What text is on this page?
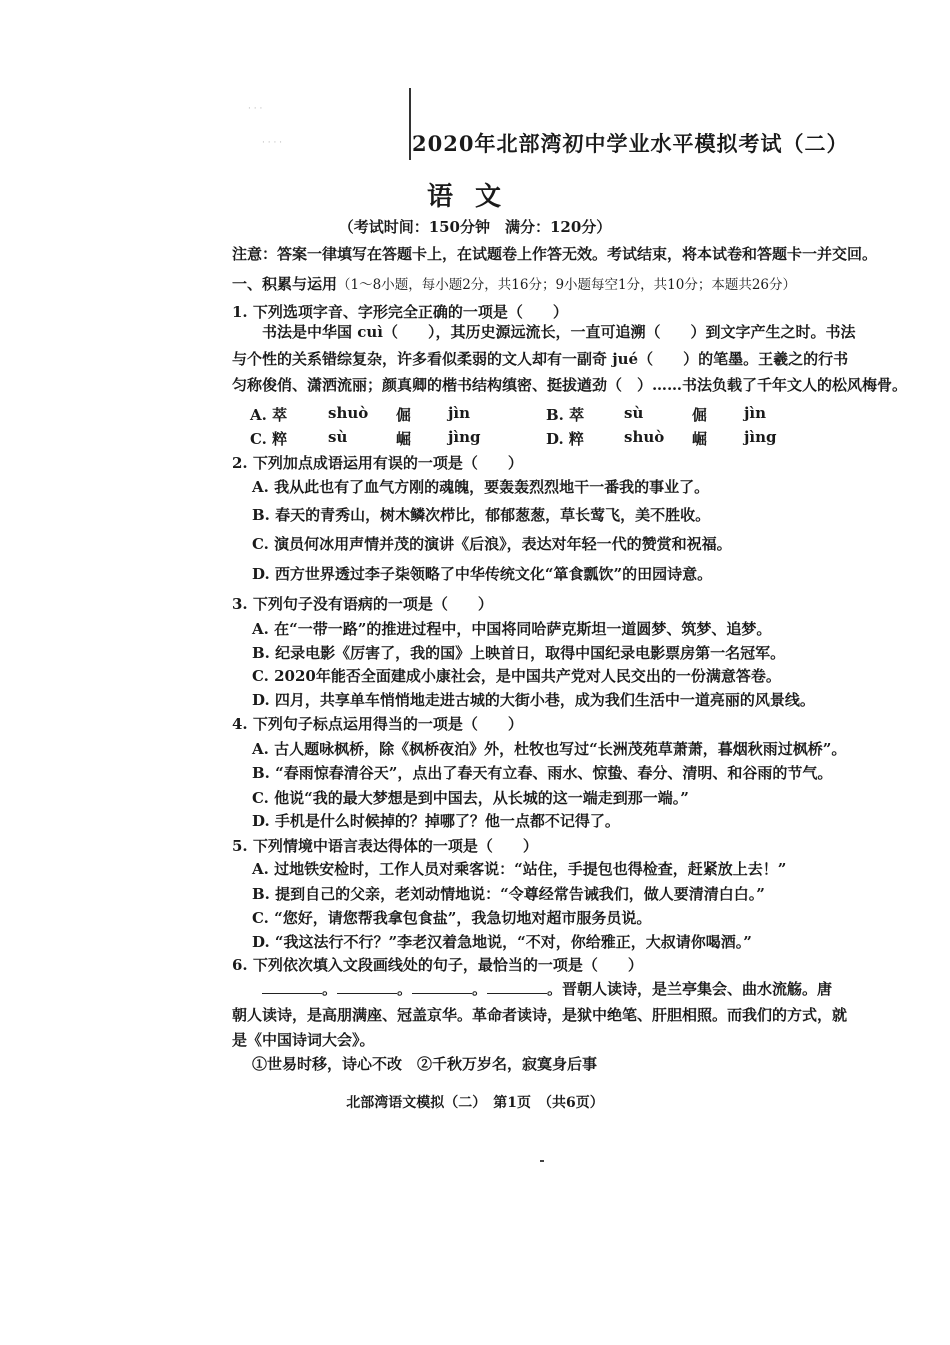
· · ·
· · · ·	2020年北部湾初中学业水平模拟考试（二）
语文
（考试时间：150分钟　满分：120分）
注意：答案一律填写在答题卡上，在试题卷上作答无效。考试结束，将本试卷和答题卡一并交回。
一、积累与运用（1～8小题，每小题2分，共16分；9小题每空1分，共10分；本题共26分）
1. 下列选项字音、字形完全正确的一项是（　　）
书法是中华国 cuì（　　），其历史源远流长，一直可追溯（　　）到文字产生之时。书法
与个性的关系错综复杂，许多看似柔弱的文人却有一副奇 jué（　　）的笔墨。王羲之的行书
匀称俊俏、潇洒流丽；颜真卿的楷书结构缜密、挺拔遒劲（　）……书法负载了千年文人的松风梅骨。
A. 萃	shuò 倔 jìn	B. 萃	sù	倔 jìn
C. 粹	sù	崛 jìng	D. 粹	shuò 崛 jìng
2. 下列加点成语运用有误的一项是（　　）
A. 我从此也有了血气方刚的魂魄，要轰轰烈烈地干一番我的事业了。
B. 春天的青秀山，树木鳞次栉比，郁郁葱葱，草长莺飞，美不胜收。
C. 演员何冰用声情并茂的演讲《后浪》，表达对年轻一代的赞赏和祝福。
D. 西方世界透过李子柒领略了中华传统文化“箪食瓢饮”的田园诗意。
3. 下列句子没有语病的一项是（　　）
A. 在“一带一路”的推进过程中，中国将同哈萨克斯坦一道圆梦、筑梦、追梦。
B. 纪录电影《厉害了，我的国》上映首日，取得中国纪录电影票房第一名冠军。
C. 2020年能否全面建成小康社会，是中国共产党对人民交出的一份满意答卷。
D. 四月，共享单车悄悄地走进古城的大街小巷，成为我们生活中一道亮丽的风景线。
4. 下列句子标点运用得当的一项是（　　）
A. 古人题咏枫桥，除《枫桥夜泊》外，杜牧也写过“长洲茂苑草萧萧，暮烟秋雨过枫桥”。
B. “春雨惊春清谷天”，点出了春天有立春、雨水、惊蛰、春分、清明、和谷雨的节气。
C. 他说“我的最大梦想是到中国去，从长城的这一端走到那一端。”
D. 手机是什么时候掉的？掉哪了？他一点都不记得了。
5. 下列情境中语言表达得体的一项是（　　）
A. 过地铁安检时，工作人员对乘客说：“站住，手提包也得检查，赶紧放上去！”
B. 提到自己的父亲，老刘动情地说：“令尊经常告诫我们，做人要清清白白。”
C. “您好，请您帮我拿包食盐”，我急切地对超市服务员说。
D. “我这法行不行？”李老汉着急地说，“不对，你给雅正，大叔请你喝酒。”
6. 下列依次填入文段画线处的句子，最恰当的一项是（　　）
。	。	。	。晋朝人读诗，是兰亭集会、曲水流觞。唐
朝人读诗，是高朋满座、冠盖京华。革命者读诗，是狱中绝笔、肝胆相照。而我们的方式，就
是《中国诗词大会》。
①世易时移，诗心不改　②千秋万岁名，寂寞身后事
北部湾语文模拟（二）　第1页　（共6页）
